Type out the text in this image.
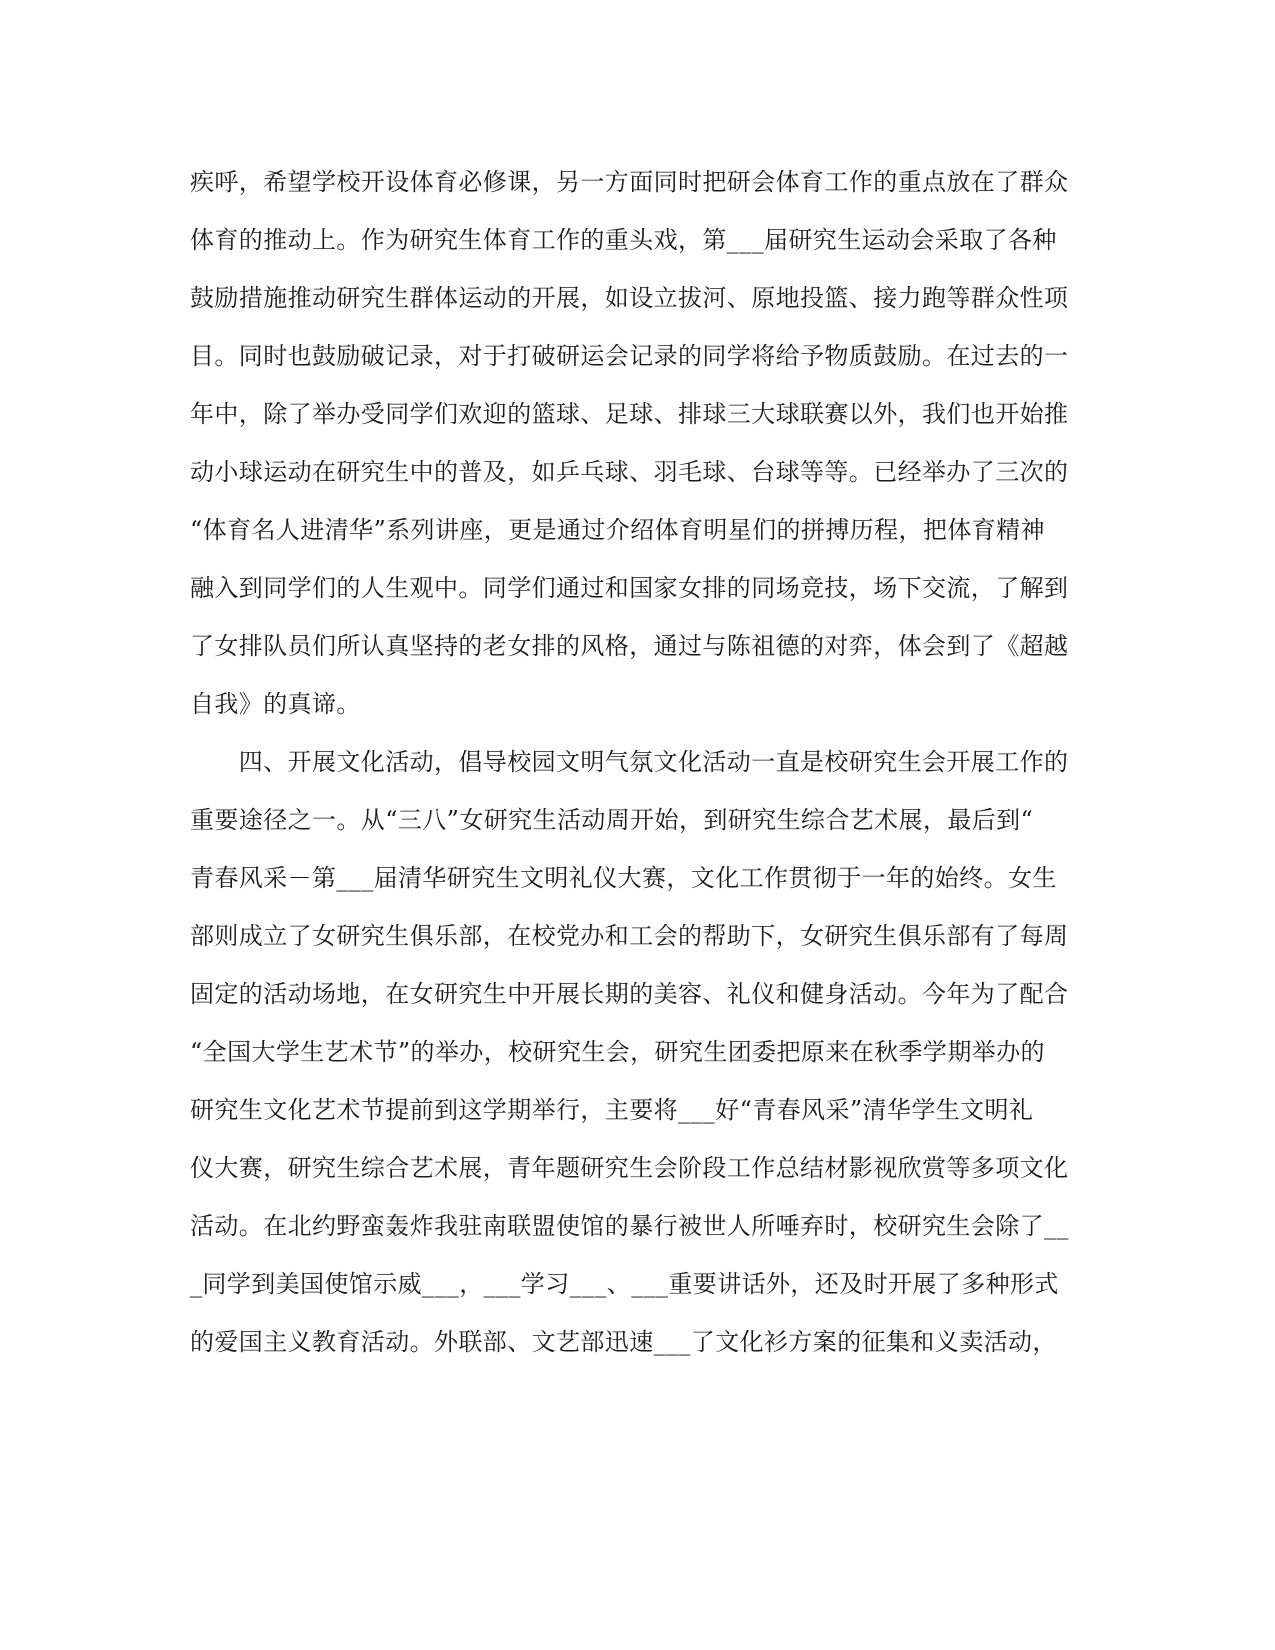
疾呼，希望学校开设体育必修课，另一方面同时把研会体育工作的重点放在了群众
体育的推动上。作为研究生体育工作的重头戏，第___届研究生运动会采取了各种
鼓励措施推动研究生群体运动的开展，如设立拔河、原地投篮、接力跑等群众性项
目。同时也鼓励破记录，对于打破研运会记录的同学将给予物质鼓励。在过去的一
年中，除了举办受同学们欢迎的篮球、足球、排球三大球联赛以外，我们也开始推
动小球运动在研究生中的普及，如乒乓球、羽毛球、台球等等。已经举办了三次的
“体育名人进清华”系列讲座，更是通过介绍体育明星们的拼搏历程，把体育精神
融入到同学们的人生观中。同学们通过和国家女排的同场竞技，场下交流，了解到
了女排队员们所认真坚持的老女排的风格，通过与陈祖德的对弈，体会到了《超越
自我》的真谛。
　　四、开展文化活动，倡导校园文明气氛文化活动一直是校研究生会开展工作的
重要途径之一。从“三八”女研究生活动周开始，到研究生综合艺术展，最后到“
青春风采－第___届清华研究生文明礼仪大赛，文化工作贯彻于一年的始终。女生
部则成立了女研究生俱乐部，在校党办和工会的帮助下，女研究生俱乐部有了每周
固定的活动场地，在女研究生中开展长期的美容、礼仪和健身活动。今年为了配合
“全国大学生艺术节”的举办，校研究生会，研究生团委把原来在秋季学期举办的
研究生文化艺术节提前到这学期举行，主要将___好“青春风采”清华学生文明礼
仪大赛，研究生综合艺术展，青年题研究生会阶段工作总结材影视欣赏等多项文化
活动。在北约野蛮轰炸我驻南联盟使馆的暴行被世人所唾弃时，校研究生会除了__
_同学到美国使馆示威___，___学习___、___重要讲话外，还及时开展了多种形式
的爱国主义教育活动。外联部、文艺部迅速___了文化衫方案的征集和义卖活动，
